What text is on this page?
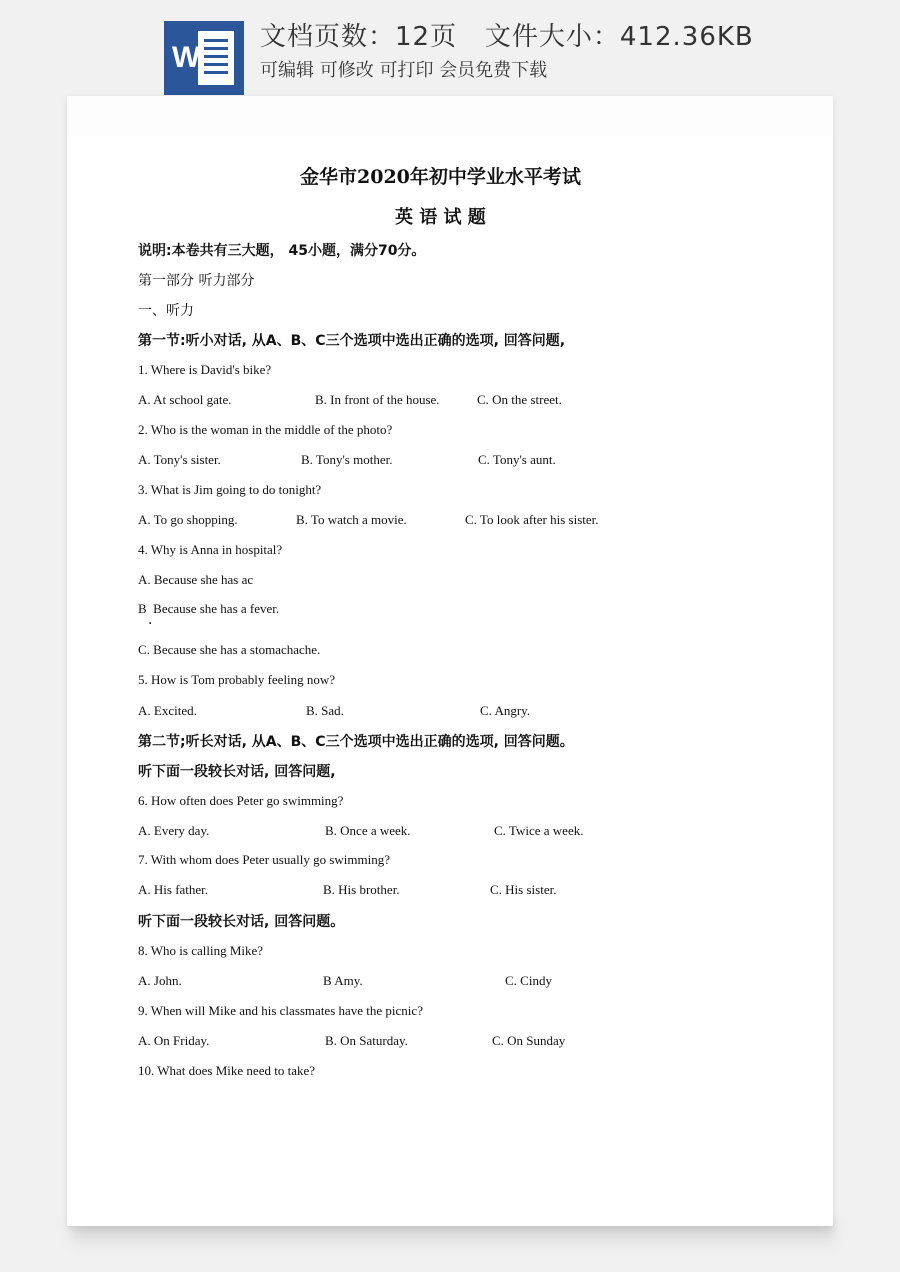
W
文档页数：12页 文件大小：412.36KB
可编辑 可修改 可打印 会员免费下载
金华市2020年初中学业水平考试
英 语 试 题
说明:本卷共有三大题， 45小题，满分70分。
第一部分 听力部分
一、听力
第一节:听小对话, 从A、B、C三个选项中选出正确的选项, 回答问题,
1. Where is David's bike?
A. At school gate.	B. In front of the house.	C. On the street.
2. Who is the woman in the middle of the photo?
A. Tony's sister.	B. Tony's mother.	C. Tony's aunt.
3. What is Jim going to do tonight?
A. To go shopping.	B. To watch a movie.	C. To look after his sister.
4. Why is Anna in hospital?
A. Because she has ac
B  Because she has a fever.
·
C. Because she has a stomachache.
5. How is Tom probably feeling now?
A. Excited.	B. Sad.	C. Angry.
第二节;听长对话, 从A、B、C三个选项中选出正确的选项, 回答问题。
听下面一段较长对话, 回答问题,
6. How often does Peter go swimming?
A. Every day.	B. Once a week.	C. Twice a week.
7. With whom does Peter usually go swimming?
A. His father.	B. His brother.	C. His sister.
听下面一段较长对话, 回答问题。
8. Who is calling Mike?
A. John.	B Amy.	C. Cindy
9. When will Mike and his classmates have the picnic?
A. On Friday.	B. On Saturday.	C. On Sunday
10. What does Mike need to take?
